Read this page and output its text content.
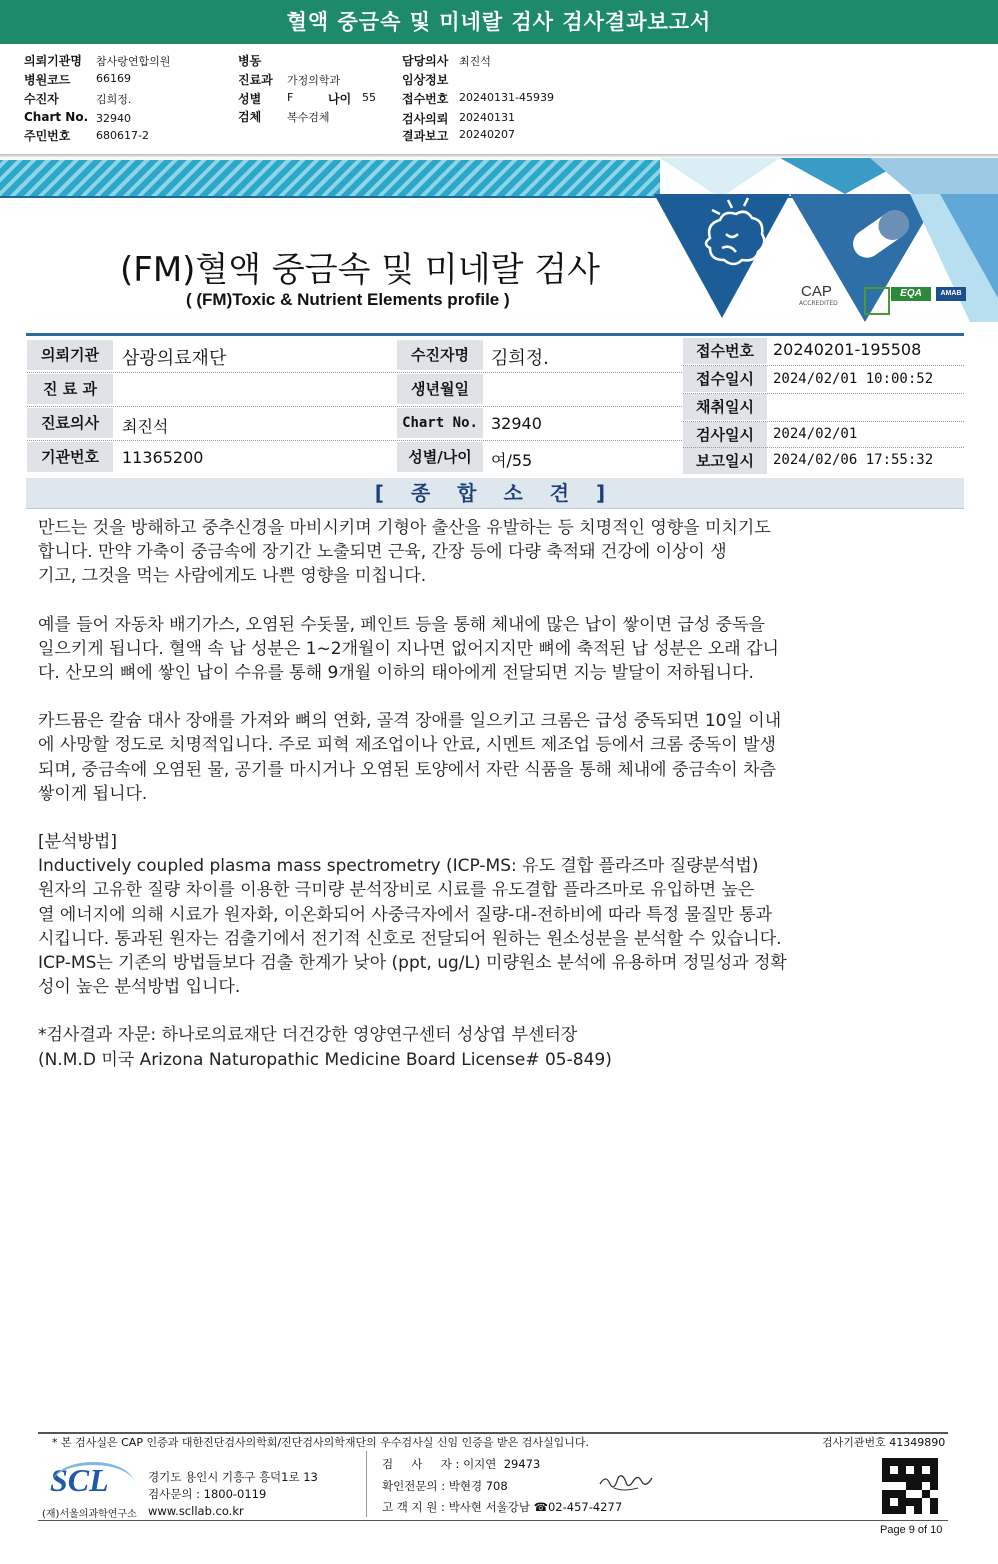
혈액 중금속 및 미네랄 검사 검사결과보고서
의뢰기관명 참사랑연합의원
병원코드 66169
수진자	김희정.
Chart No. 32940
주민번호 680617-2
병동
진료과 가정의학과
성별 F	나이 55
검체 복수검체
담당의사 최진석
임상정보
접수번호 20240131-45939
검사의뢰 20240131
결과보고 20240207
CAP
ACCREDITED
EQA	AMAB
(FM)혈액 중금속 및 미네랄 검사
( (FM)Toxic & Nutrient Elements profile )
의뢰기관	삼광의료재단
진 료 과
진료의사	최진석
기관번호	11365200
수진자명	김희정.
생년월일
Chart No. 32940
성별/나이	여/55
접수번호	20240201-195508
접수일시	2024/02/01 10:00:52
채취일시
검사일시	2024/02/01
보고일시	2024/02/06 17:55:32
[ 종 합 소 견 ]

만드는 것을 방해하고 중추신경을 마비시키며 기형아 출산을 유발하는 등 치명적인 영향을 미치기도
합니다. 만약 가축이 중금속에 장기간 노출되면 근육, 간장 등에 다량 축적돼 건강에 이상이 생
기고, 그것을 먹는 사람에게도 나쁜 영향을 미칩니다.

예를 들어 자동차 배기가스, 오염된 수돗물, 페인트 등을 통해 체내에 많은 납이 쌓이면 급성 중독을
일으키게 됩니다. 혈액 속 납 성분은 1~2개월이 지나면 없어지지만 뼈에 축적된 납 성분은 오래 갑니
다. 산모의 뼈에 쌓인 납이 수유를 통해 9개월 이하의 태아에게 전달되면 지능 발달이 저하됩니다.

카드뮴은 칼슘 대사 장애를 가져와 뼈의 연화, 골격 장애를 일으키고 크롬은 급성 중독되면 10일 이내
에 사망할 정도로 치명적입니다. 주로 피혁 제조업이나 안료, 시멘트 제조업 등에서 크롬 중독이 발생
되며, 중금속에 오염된 물, 공기를 마시거나 오염된 토양에서 자란 식품을 통해 체내에 중금속이 차츰
쌓이게 됩니다.

[분석방법]
Inductively coupled plasma mass spectrometry (ICP-MS: 유도 결합 플라즈마 질량분석법)
원자의 고유한 질량 차이를 이용한 극미량 분석장비로 시료를 유도결합 플라즈마로 유입하면 높은
열 에너지에 의해 시료가 원자화, 이온화되어 사중극자에서 질량-대-전하비에 따라 특정 물질만 통과
시킵니다. 통과된 원자는 검출기에서 전기적 신호로 전달되어 원하는 원소성분을 분석할 수 있습니다.
ICP-MS는 기존의 방법들보다 검출 한계가 낮아 (ppt, ug/L) 미량원소 분석에 유용하며 정밀성과 정확
성이 높은 분석방법 입니다.

*검사결과 자문: 하나로의료재단 더건강한 영양연구센터 성상엽 부센터장
(N.M.D 미국 Arizona Naturopathic Medicine Board License# 05-849)

* 본 검사실은 CAP 인증과 대한진단검사의학회/진단검사의학재단의 우수검사실 신임 인증을 받은 검사실입니다.	검사기관번호 41349890
SCL
(재)서울의과학연구소
경기도 용인시 기흥구 흥덕1로 13
검사문의 : 1800-0119
www.scllab.co.kr
검     사     자 : 이지연  29473
확인전문의 : 박현경 708
고 객 지 원 : 박사현 서울강남 ☎02-457-4277
Page 9 of 10
